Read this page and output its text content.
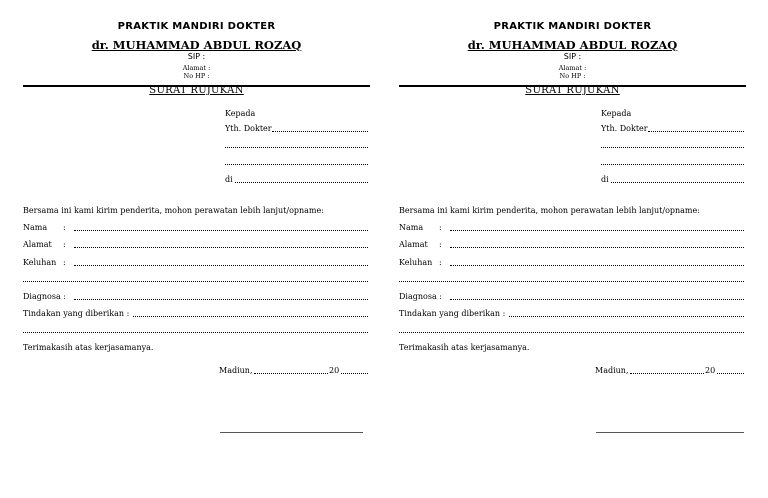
PRAKTIK MANDIRI DOKTER
dr. MUHAMMAD ABDUL ROZAQ
SIP :
Alamat :
No HP :
SURAT RUJUKAN
Kepada
Yth. Dokter
di
Bersama ini kami kirim penderita, mohon perawatan lebih lanjut/opname:
Nama :
Alamat :
Keluhan :
Diagnosa :
Tindakan yang diberikan :
Terimakasih atas kerjasamanya.
Madiun,	20
PRAKTIK MANDIRI DOKTER
dr. MUHAMMAD ABDUL ROZAQ
SIP :
Alamat :
No HP :
SURAT RUJUKAN
Kepada
Yth. Dokter
di
Bersama ini kami kirim penderita, mohon perawatan lebih lanjut/opname:
Nama :
Alamat :
Keluhan :
Diagnosa :
Tindakan yang diberikan :
Terimakasih atas kerjasamanya.
Madiun,	20
